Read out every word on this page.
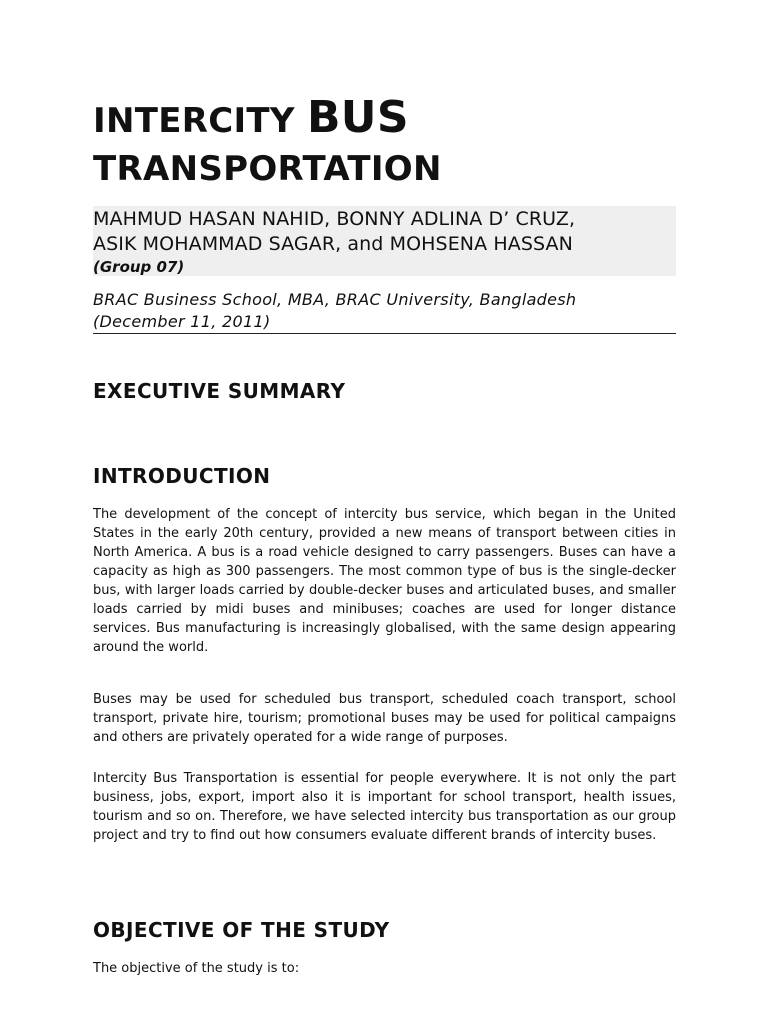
INTERCITY BUS
TRANSPORTATION

MAHMUD HASAN NAHID, BONNY ADLINA D’ CRUZ,
ASIK MOHAMMAD SAGAR, and MOHSENA HASSAN

(Group 07)

BRAC Business School, MBA, BRAC University, Bangladesh
(December 11, 2011)

EXECUTIVE SUMMARY
INTRODUCTION

The development of the concept of intercity bus service, which began in the United States in the early 20th century, provided a new means of transport between cities in North America. A bus is a road vehicle designed to carry passengers. Buses can have a capacity as high as 300 passengers. The most common type of bus is the single-decker bus, with larger loads carried by double-decker buses and articulated buses, and smaller loads carried by midi buses and minibuses; coaches are used for longer distance services. Bus manufacturing is increasingly globalised, with the same design appearing around the world.

Buses may be used for scheduled bus transport, scheduled coach transport, school transport, private hire, tourism; promotional buses may be used for political campaigns and others are privately operated for a wide range of purposes.

Intercity Bus Transportation is essential for people everywhere. It is not only the part business, jobs, export, import also it is important for school transport, health issues, tourism and so on. Therefore, we have selected intercity bus transportation as our group project and try to find out how consumers evaluate different brands of intercity buses.

OBJECTIVE OF THE STUDY

The objective of the study is to:
